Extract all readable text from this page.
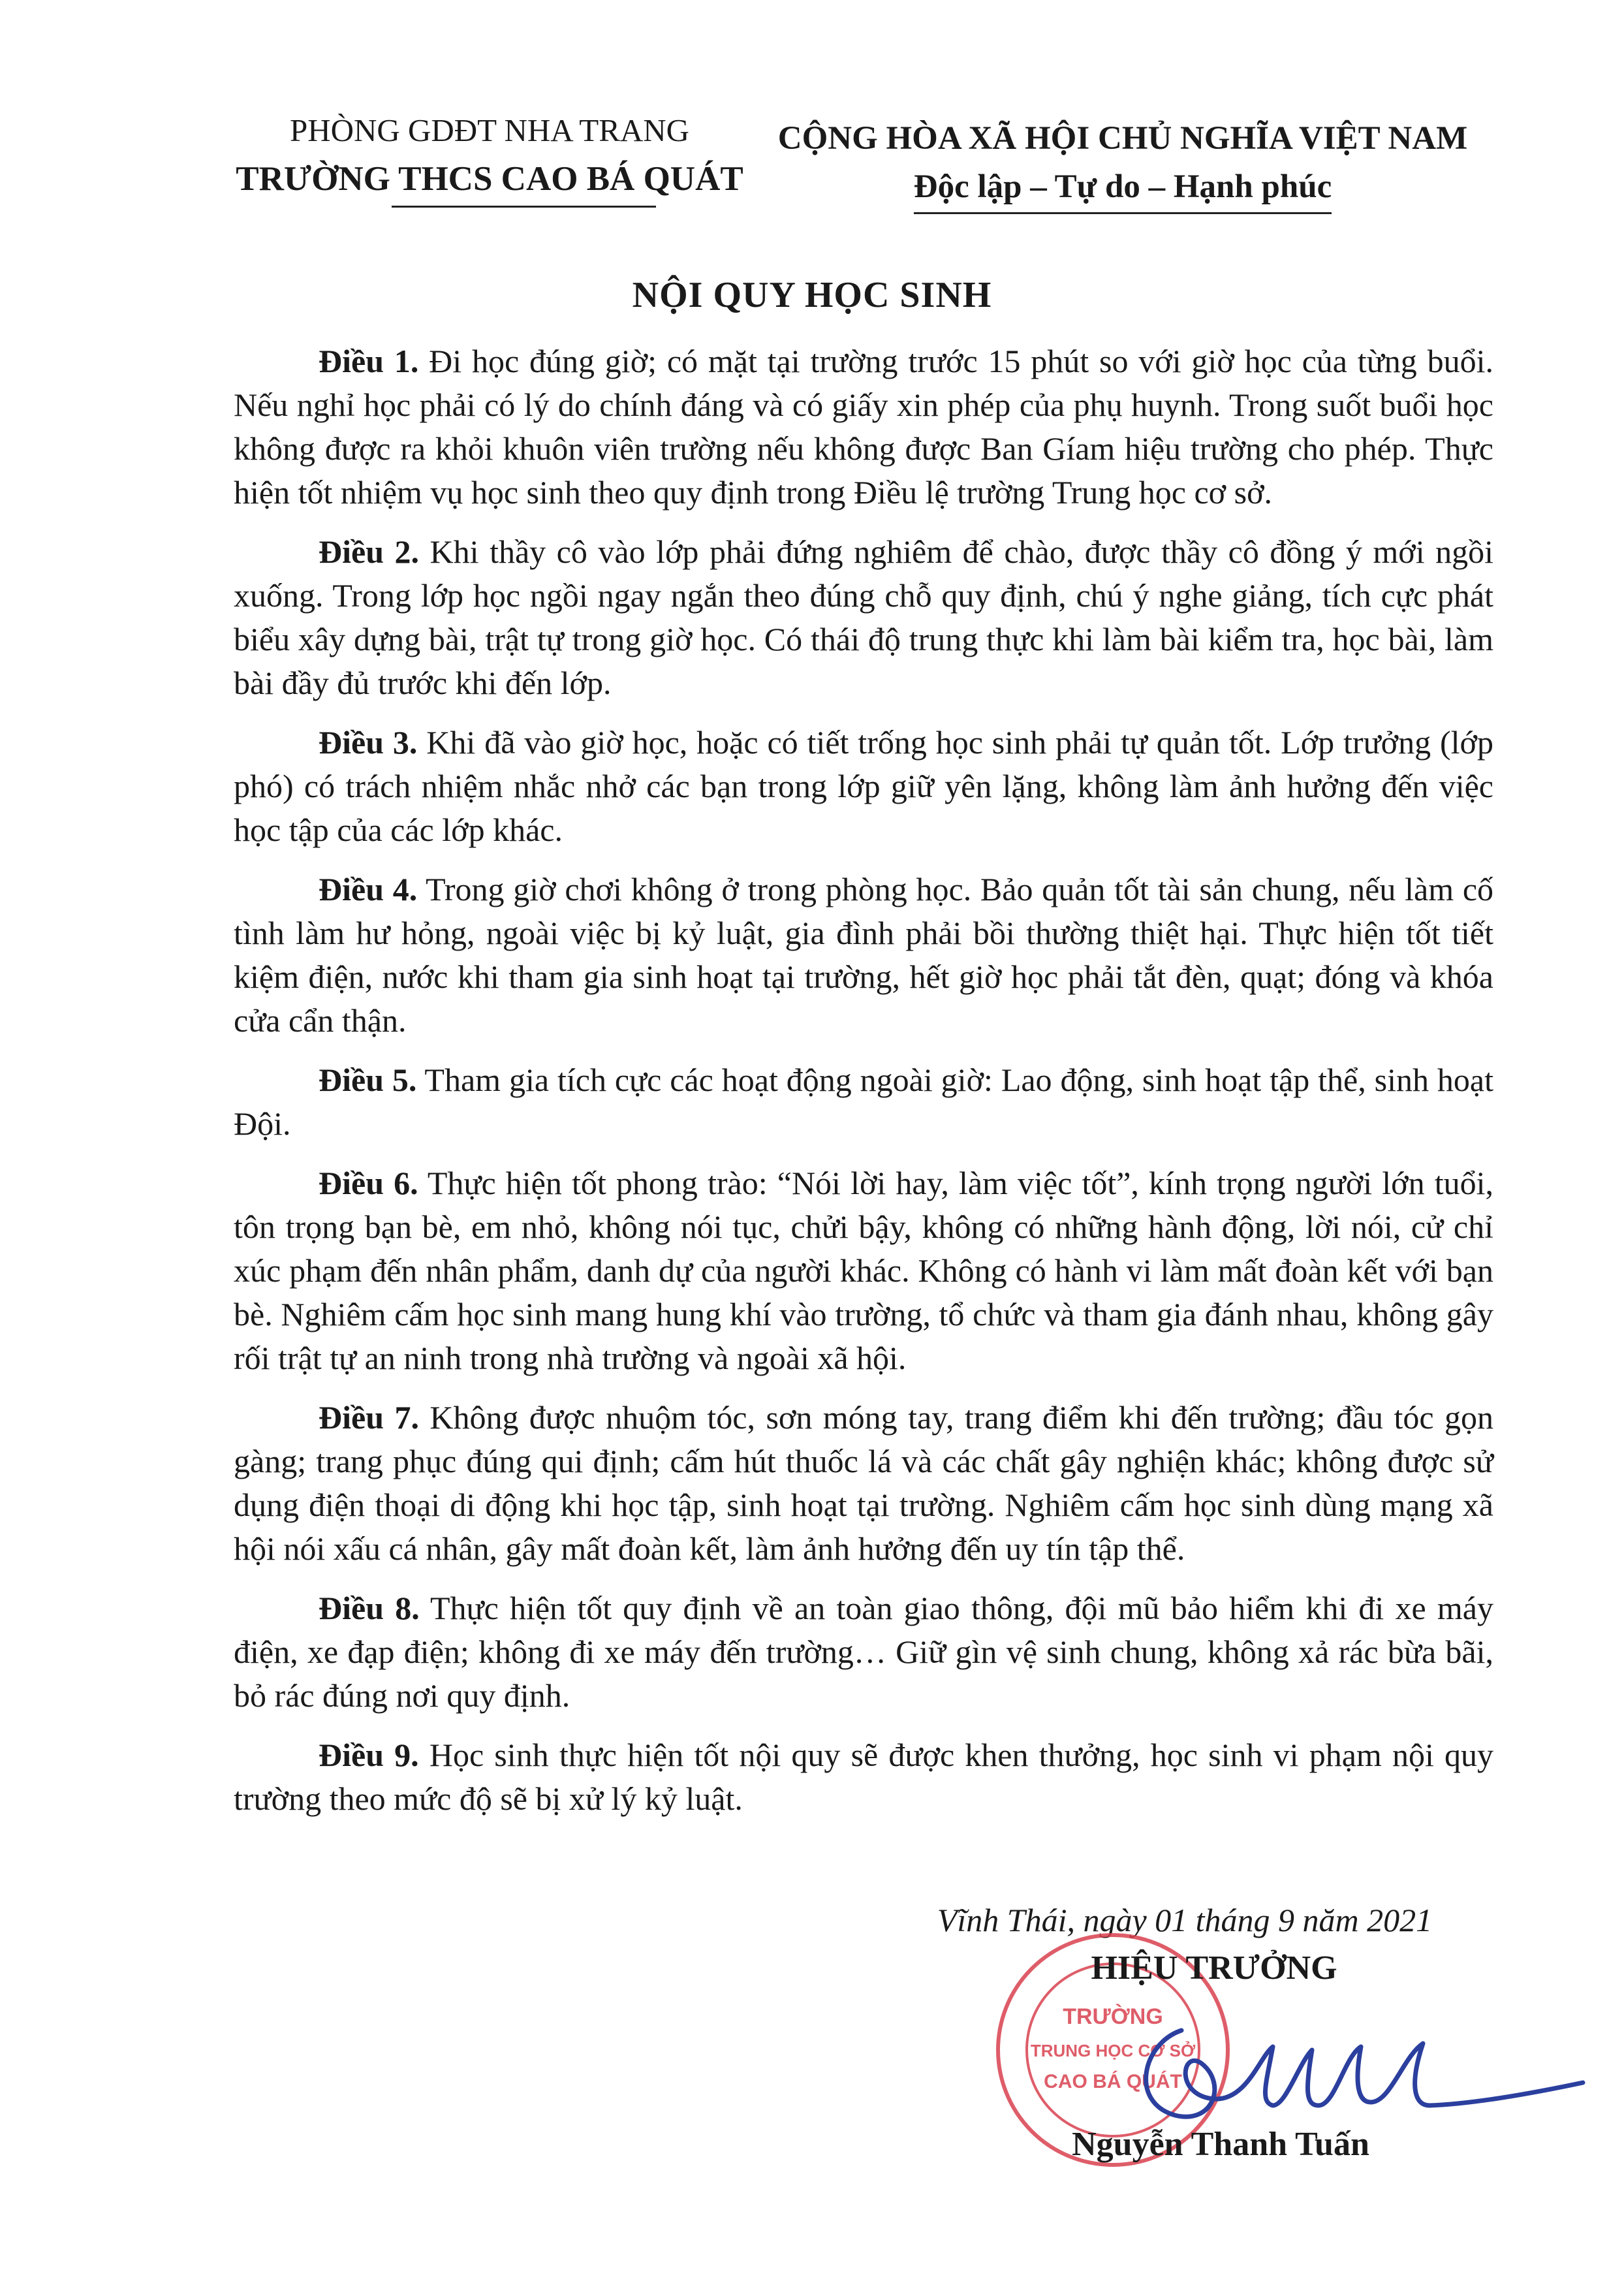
PHÒNG GDĐT NHA TRANG
TRƯỜNG THCS CAO BÁ QUÁT
CỘNG HÒA XÃ HỘI CHỦ NGHĨA VIỆT NAM
Độc lập – Tự do – Hạnh phúc
NỘI QUY HỌC SINH

Điều 1. Đi học đúng giờ; có mặt tại trường trước 15 phút so với giờ học của từng buổi. Nếu nghỉ học phải có lý do chính đáng và có giấy xin phép của phụ huynh. Trong suốt buổi học không được ra khỏi khuôn viên trường nếu không được Ban Gíam hiệu trường cho phép. Thực hiện tốt nhiệm vụ học sinh theo quy định trong Điều lệ trường Trung học cơ sở.

Điều 2. Khi thầy cô vào lớp phải đứng nghiêm để chào, được thầy cô đồng ý mới ngồi xuống. Trong lớp học ngồi ngay ngắn theo đúng chỗ quy định, chú ý nghe giảng, tích cực phát biểu xây dựng bài, trật tự trong giờ học. Có thái độ trung thực khi làm bài kiểm tra, học bài, làm bài đầy đủ trước khi đến lớp.

Điều 3. Khi đã vào giờ học, hoặc có tiết trống học sinh phải tự quản tốt. Lớp trưởng (lớp phó) có trách nhiệm nhắc nhở các bạn trong lớp giữ yên lặng, không làm ảnh hưởng đến việc học tập của các lớp khác.

Điều 4. Trong giờ chơi không ở trong phòng học. Bảo quản tốt tài sản chung, nếu làm cố tình làm hư hỏng, ngoài việc bị kỷ luật, gia đình phải bồi thường thiệt hại. Thực hiện tốt tiết kiệm điện, nước khi tham gia sinh hoạt tại trường, hết giờ học phải tắt đèn, quạt; đóng và khóa cửa cẩn thận.

Điều 5. Tham gia tích cực các hoạt động ngoài giờ: Lao động, sinh hoạt tập thể, sinh hoạt Đội.

Điều 6. Thực hiện tốt phong trào: “Nói lời hay, làm việc tốt”, kính trọng người lớn tuổi, tôn trọng bạn bè, em nhỏ, không nói tục, chửi bậy, không có những hành động, lời nói, cử chỉ xúc phạm đến nhân phẩm, danh dự của người khác. Không có hành vi làm mất đoàn kết với bạn bè. Nghiêm cấm học sinh mang hung khí vào trường, tổ chức và tham gia đánh nhau, không gây rối trật tự an ninh trong nhà trường và ngoài xã hội.

Điều 7. Không được nhuộm tóc, sơn móng tay, trang điểm khi đến trường; đầu tóc gọn gàng; trang phục đúng qui định; cấm hút thuốc lá và các chất gây nghiện khác; không được sử dụng điện thoại di động khi học tập, sinh hoạt tại trường. Nghiêm cấm học sinh dùng mạng xã hội nói xấu cá nhân, gây mất đoàn kết, làm ảnh hưởng đến uy tín tập thể.

Điều 8. Thực hiện tốt quy định về an toàn giao thông, đội mũ bảo hiểm khi đi xe máy điện, xe đạp điện; không đi xe máy đến trường… Giữ gìn vệ sinh chung, không xả rác bừa bãi, bỏ rác đúng nơi quy định.

Điều 9. Học sinh thực hiện tốt nội quy sẽ được khen thưởng, học sinh vi phạm nội quy trường theo mức độ sẽ bị xử lý kỷ luật.

Vĩnh Thái, ngày 01 tháng 9 năm 2021
TRƯỜNG
TRUNG HỌC CƠ SỞ
CAO BÁ QUÁT
HIỆU TRƯỞNG
Nguyễn Thanh Tuấn
